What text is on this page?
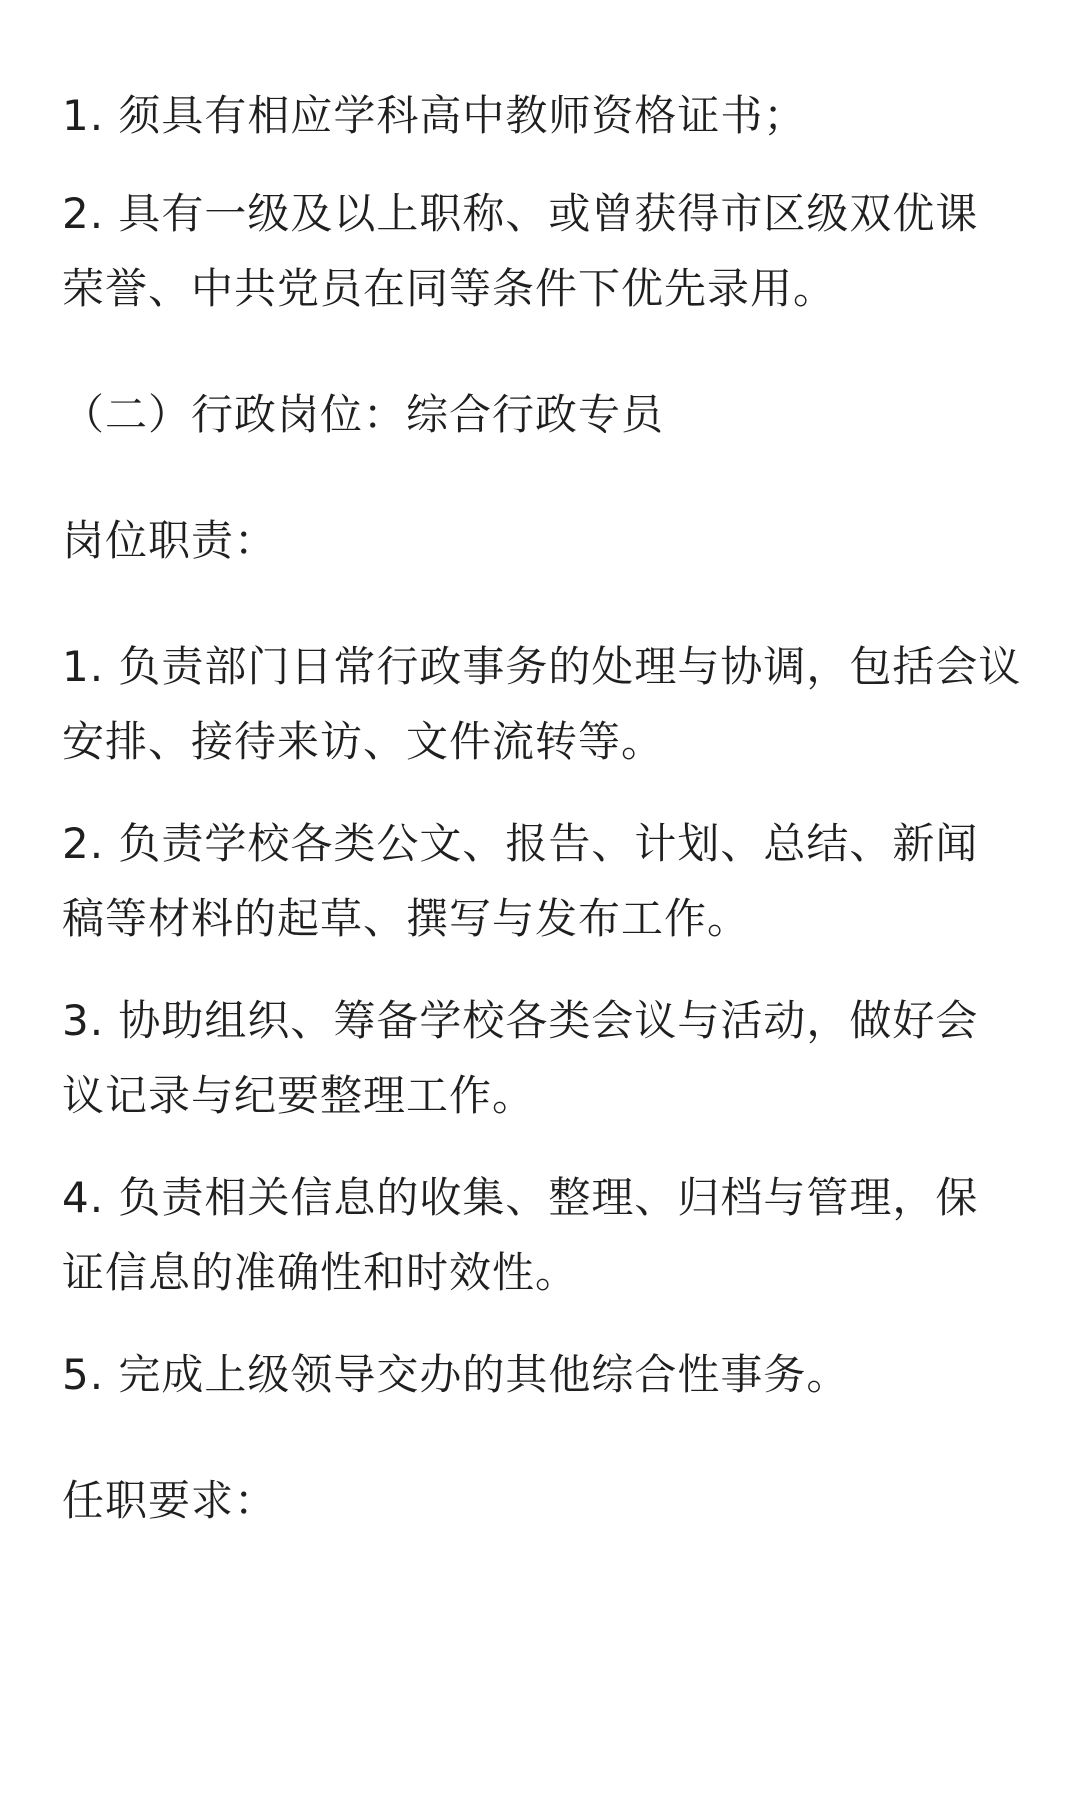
1. 须具有相应学科高中教师资格证书；

2. 具有一级及以上职称、或曾获得市区级双优课

荣誉、中共党员在同等条件下优先录用。

（二）行政岗位：综合行政专员

岗位职责：

1. 负责部门日常行政事务的处理与协调，包括会议

安排、接待来访、文件流转等。

2. 负责学校各类公文、报告、计划、总结、新闻

稿等材料的起草、撰写与发布工作。

3. 协助组织、筹备学校各类会议与活动，做好会

议记录与纪要整理工作。

4. 负责相关信息的收集、整理、归档与管理，保

证信息的准确性和时效性。

5. 完成上级领导交办的其他综合性事务。

任职要求：
